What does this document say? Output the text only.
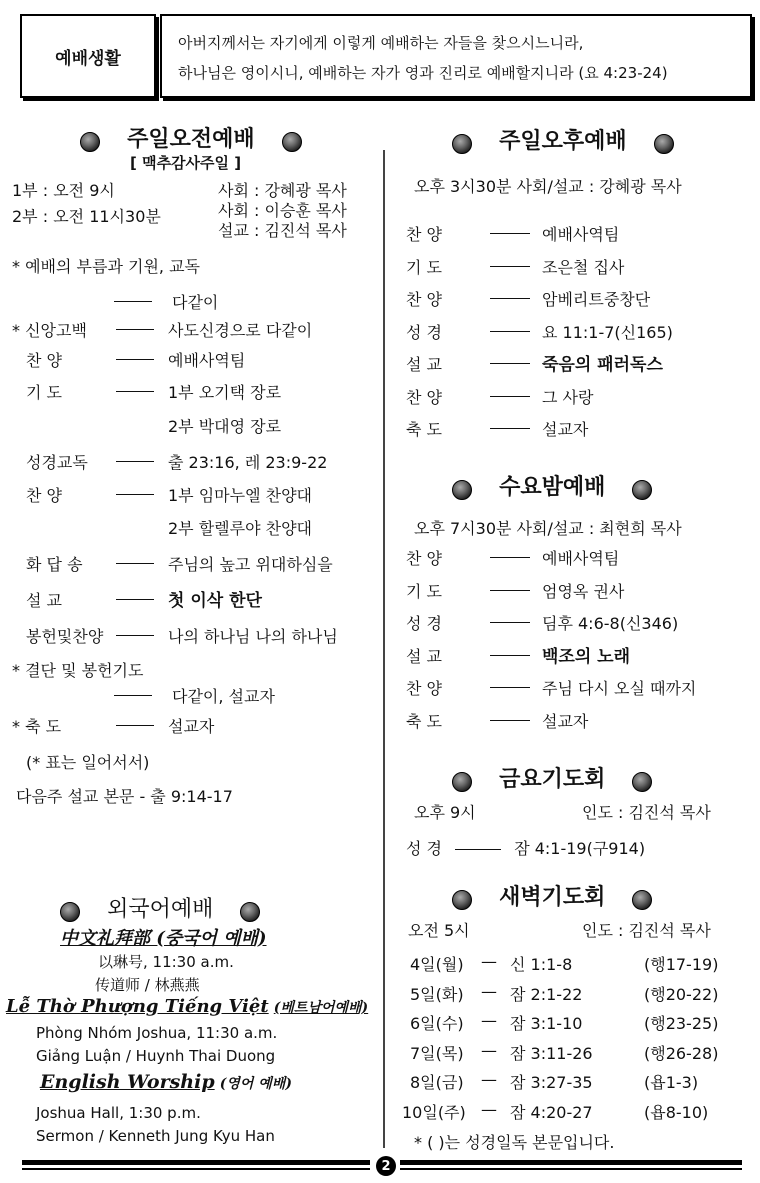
예배생활
아버지께서는 자기에게 이렇게 예배하는 자들을 찾으시느니라,
하나님은 영이시니, 예배하는 자가 영과 진리로 예배할지니라 (요 4:23-24)
주일오전예배
[ 맥추감사주일 ]
1부 : 오전 9시
2부 : 오전 11시30분
사회 : 강혜광 목사
사회 : 이승훈 목사
설교 : 김진석 목사
* 예배의 부름과 기원, 교독
다같이
* 신앙고백	사도신경으로 다같이
찬 양	예배사역팀
기 도	1부 오기택 장로
2부 박대영 장로
성경교독	출 23:16, 레 23:9-22
찬 양	1부 임마누엘 찬양대
2부 할렐루야 찬양대
화 답 송	주님의 높고 위대하심을
설 교	첫 이삭 한단
봉헌및찬양	나의 하나님 나의 하나님
* 결단 및 봉헌기도
다같이, 설교자
* 축 도	설교자
(* 표는 일어서서)
다음주 설교 본문 - 출 9:14-17
외국어예배
中文礼拜部 (중국어 예배)
以琳号, 11:30 a.m.
传道师 / 林燕燕
Lễ Thờ Phượng Tiếng Việt (베트남어예배)
Phòng Nhóm Joshua, 11:30 a.m.
Giảng Luận / Huynh Thai Duong
English Worship (영어 예배)
Joshua Hall, 1:30 p.m.
Sermon / Kenneth Jung Kyu Han
주일오후예배
오후 3시30분 사회/설교 : 강혜광 목사
찬 양	예배사역팀
기 도	조은철 집사
찬 양	암베리트중창단
성 경	요 11:1-7(신165)
설 교	죽음의 패러독스
찬 양	그 사랑
축 도	설교자
수요밤예배
오후 7시30분 사회/설교 : 최현희 목사
찬 양	예배사역팀
기 도	엄영옥 권사
성 경	딤후 4:6-8(신346)
설 교	백조의 노래
찬 양	주님 다시 오실 때까지
축 도	설교자
금요기도회
오후 9시	인도 : 김진석 목사
성 경	잠 4:1-19(구914)
새벽기도회
오전 5시	인도 : 김진석 목사
4일(월) — 신 1:1-8	(행17-19)
5일(화) — 잠 2:1-22	(행20-22)
6일(수) — 잠 3:1-10	(행23-25)
7일(목) — 잠 3:11-26	(행26-28)
8일(금) — 잠 3:27-35	(욥1-3)
10일(주) — 잠 4:20-27	(욥8-10)
* ( )는 성경일독 본문입니다.
2
